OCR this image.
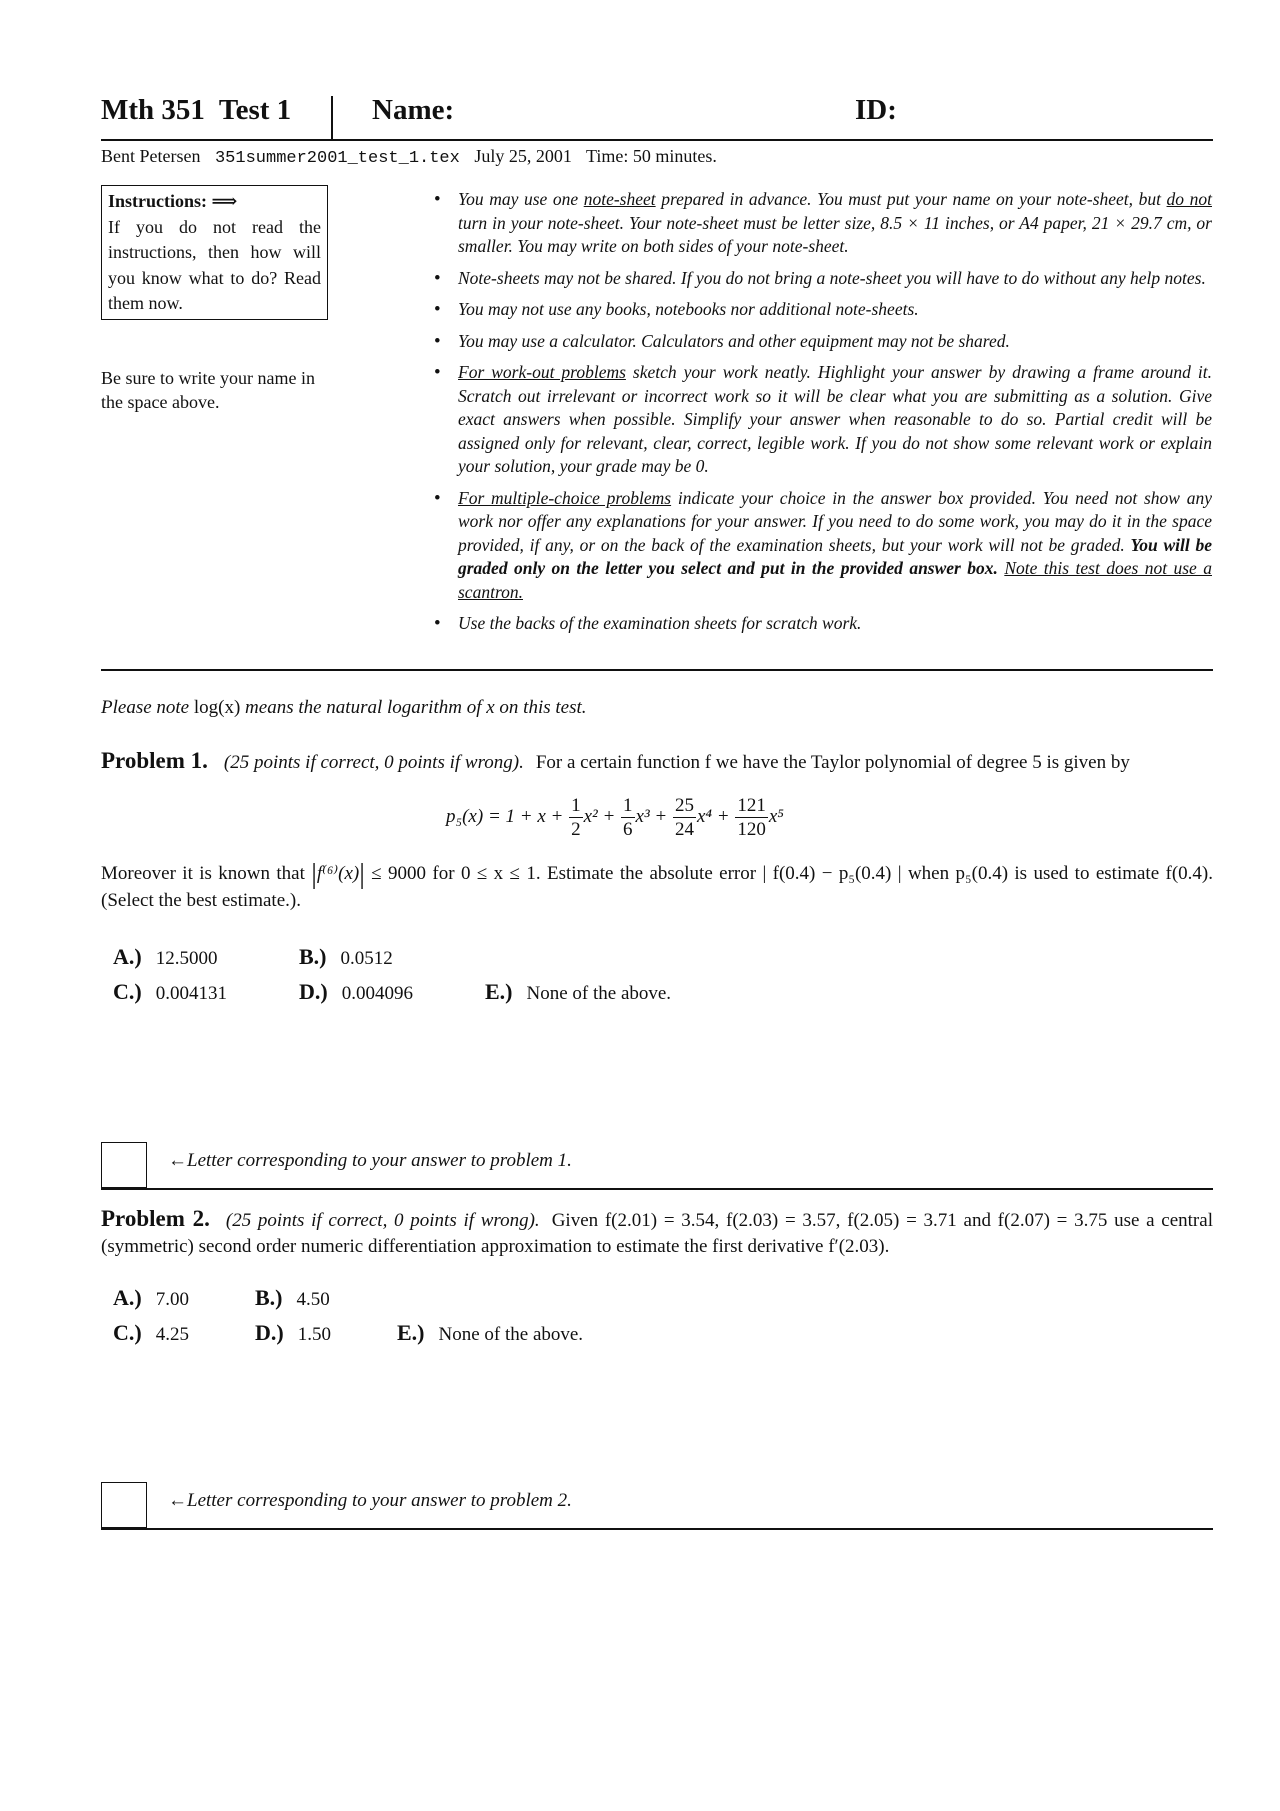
Mth 351 Test 1	Name:	ID:
Bent Petersen 351summer2001_test_1.tex July 25, 2001 Time: 50 minutes.
Instructions: ⟹
If you do not read the instructions, then how will you know what to do? Read them now.
Be sure to write your name in the space above.
• You may use one note-sheet prepared in advance. You must put your name on your note-sheet, but do not turn in your note-sheet. Your note-sheet must be letter size, 8.5 × 11 inches, or A4 paper, 21 × 29.7 cm, or smaller. You may write on both sides of your note-sheet.
• Note-sheets may not be shared. If you do not bring a note-sheet you will have to do without any help notes.
• You may not use any books, notebooks nor additional note-sheets.
• You may use a calculator. Calculators and other equipment may not be shared.
• For work-out problems sketch your work neatly. Highlight your answer by drawing a frame around it. Scratch out irrelevant or incorrect work so it will be clear what you are submitting as a solution. Give exact answers when possible. Simplify your answer when reasonable to do so. Partial credit will be assigned only for relevant, clear, correct, legible work. If you do not show some relevant work or explain your solution, your grade may be 0.
• For multiple-choice problems indicate your choice in the answer box provided. You need not show any work nor offer any explanations for your answer. If you need to do some work, you may do it in the space provided, if any, or on the back of the examination sheets, but your work will not be graded. You will be graded only on the letter you select and put in the provided answer box. Note this test does not use a scantron.
• Use the backs of the examination sheets for scratch work.
Please note log(x) means the natural logarithm of x on this test.
Problem 1. (25 points if correct, 0 points if wrong). For a certain function f we have the Taylor polynomial of degree 5 is given by
$p_5(x) = 1 + x + \frac{1}{2} x^2 + \frac{1}{6} x^3 + \frac{25}{24} x^4 + \frac{121}{120} x^5$
Moreover it is known that |f⁽⁶⁾(x)| ≤ 9000 for 0 ≤ x ≤ 1. Estimate the absolute error | f(0.4) − p₅(0.4) | when p₅(0.4) is used to estimate f(0.4). (Select the best estimate.).
A.) 12.5000	B.) 0.0512
C.) 0.004131	D.) 0.004096	E.) None of the above.
←Letter corresponding to your answer to problem 1.
Problem 2. (25 points if correct, 0 points if wrong). Given f(2.01) = 3.54, f(2.03) = 3.57, f(2.05) = 3.71 and f(2.07) = 3.75 use a central (symmetric) second order numeric differentiation approximation to estimate the first derivative f′(2.03).
A.) 7.00	B.) 4.50
C.) 4.25	D.) 1.50	E.) None of the above.
←Letter corresponding to your answer to problem 2.
